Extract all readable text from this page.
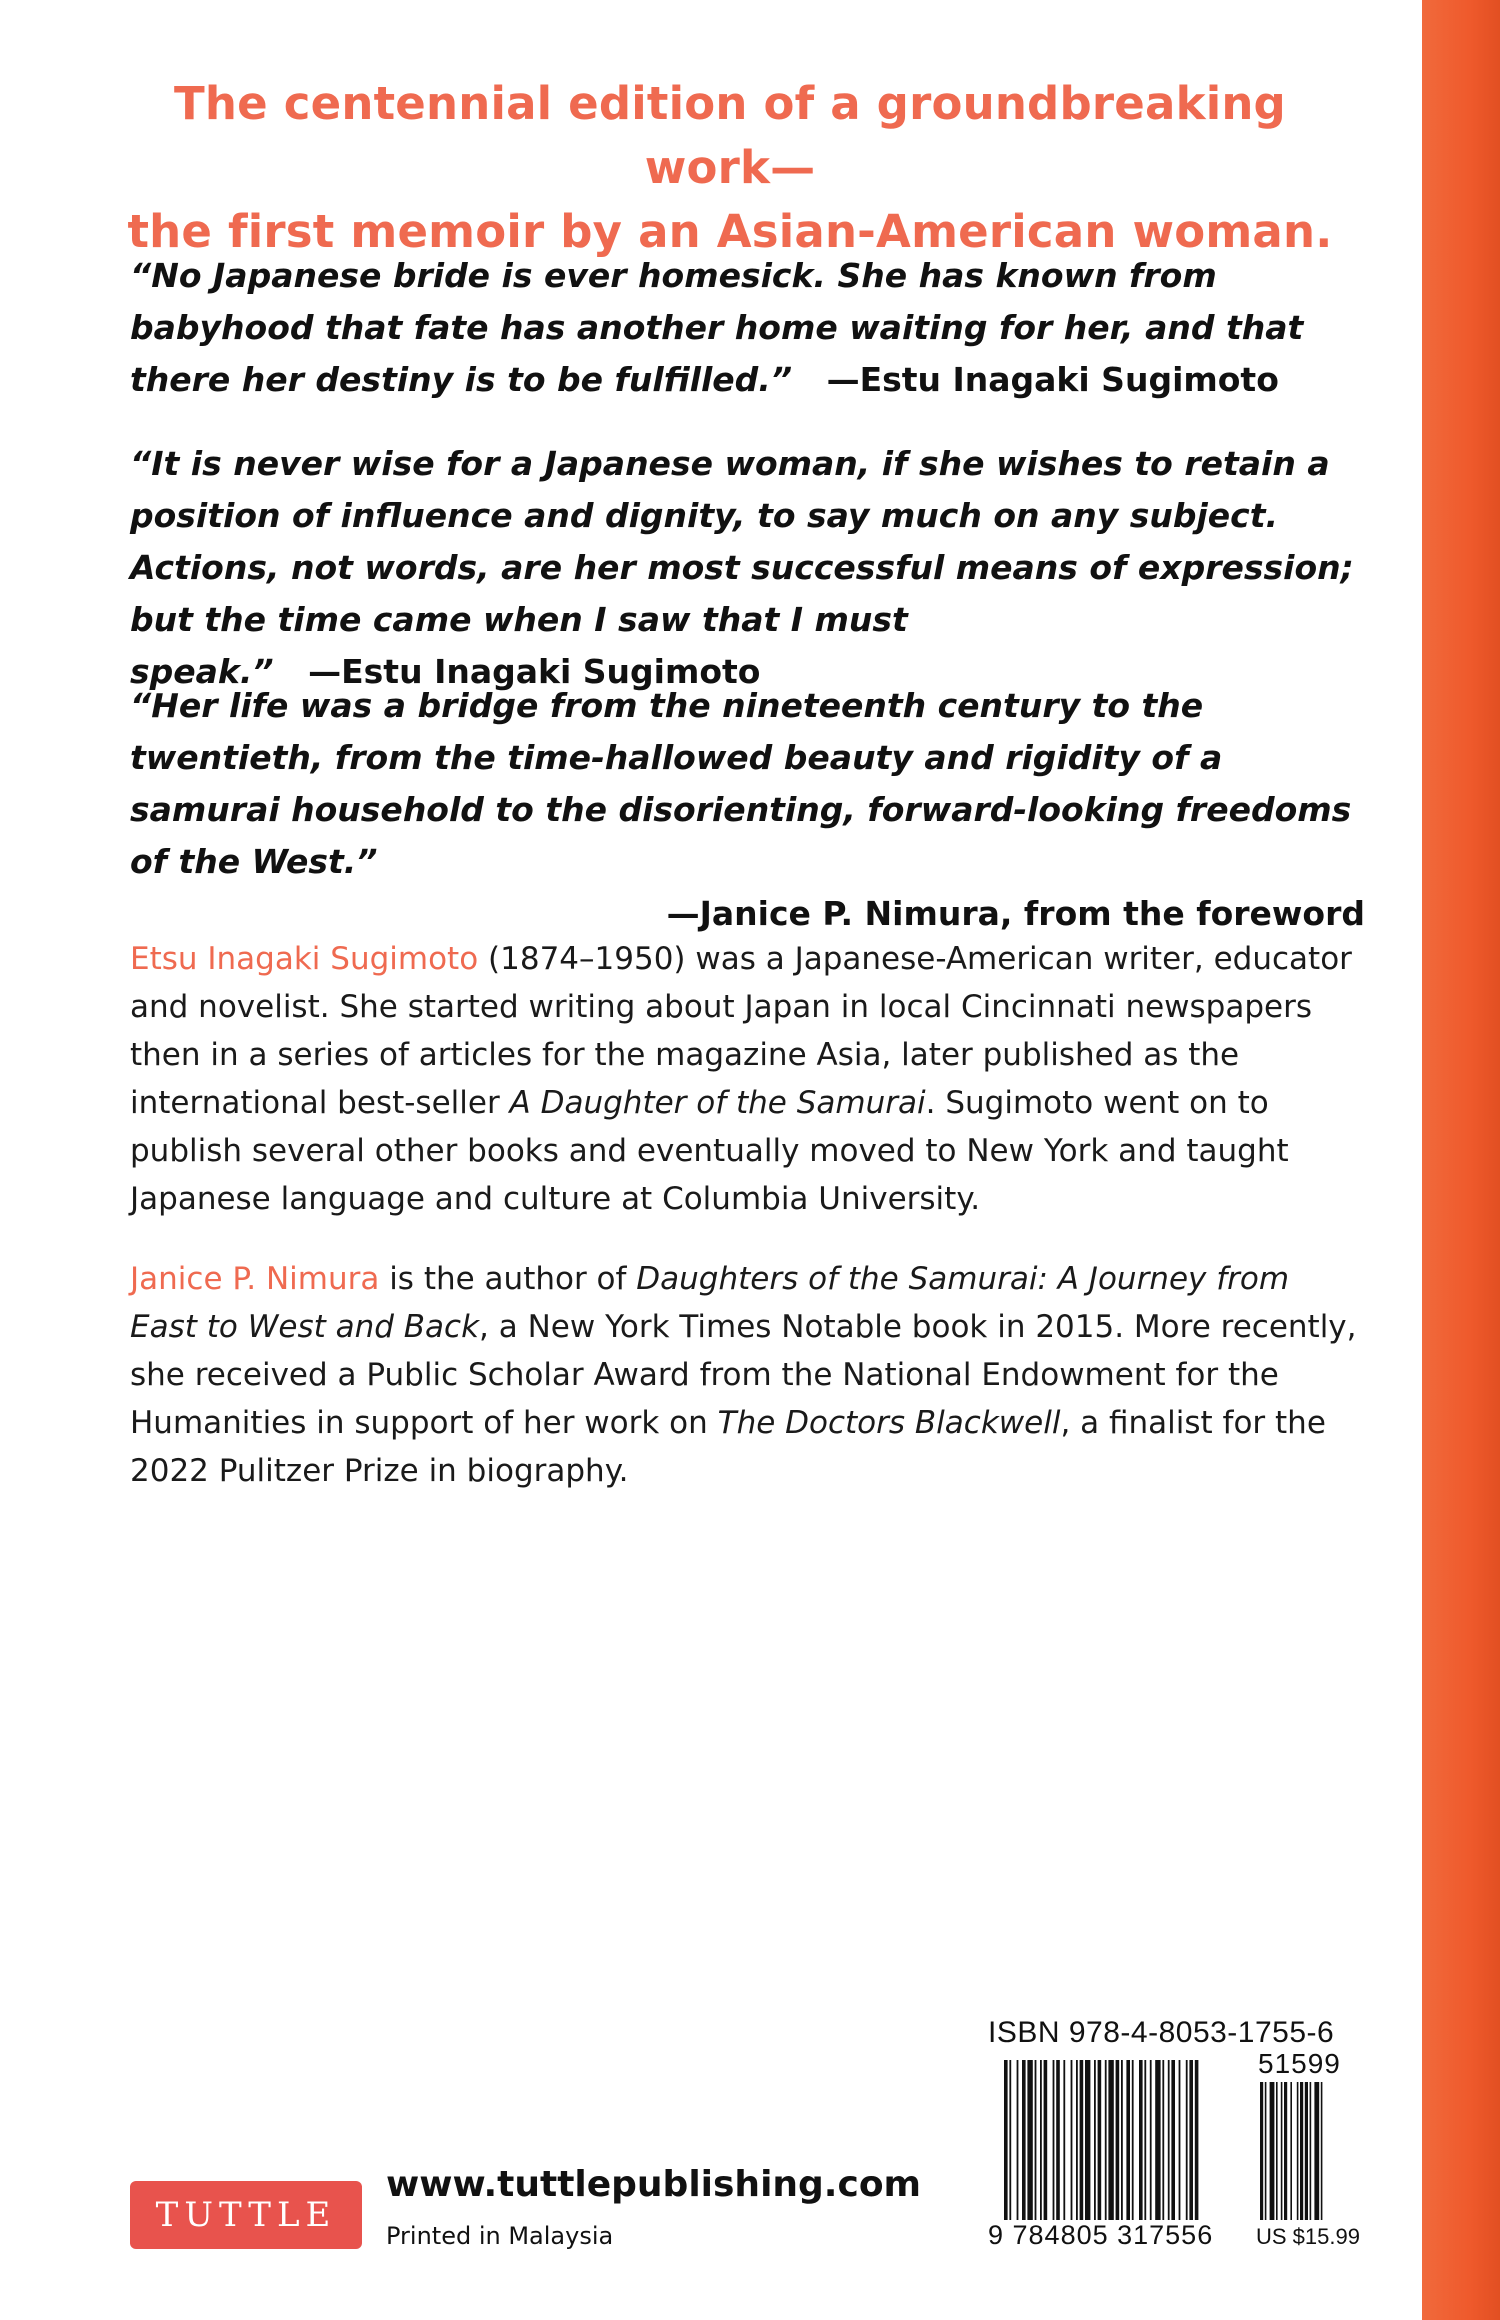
The centennial edition of a groundbreaking work—
the first memoir by an Asian-American woman.
“No Japanese bride is ever homesick. She has known from babyhood that fate has another home waiting for her, and that there her destiny is to be fulfilled.” —Estu Inagaki Sugimoto
“It is never wise for a Japanese woman, if she wishes to retain a position of influence and dignity, to say much on any subject. Actions, not words, are her most successful means of expression; but the time came when I saw that I must speak.” —Estu Inagaki Sugimoto
“Her life was a bridge from the nineteenth century to the twentieth, from the time-hallowed beauty and rigidity of a samurai household to the disorienting, forward-looking freedoms of the West.”
—Janice P. Nimura, from the foreword
Etsu Inagaki Sugimoto (1874–1950) was a Japanese-American writer, educator and novelist. She started writing about Japan in local Cincinnati newspapers then in a series of articles for the magazine Asia, later published as the international best-seller A Daughter of the Samurai. Sugimoto went on to publish several other books and eventually moved to New York and taught Japanese language and culture at Columbia University.
Janice P. Nimura is the author of Daughters of the Samurai: A Journey from East to West and Back, a New York Times Notable book in 2015. More recently, she received a Public Scholar Award from the National Endowment for the Humanities in support of her work on The Doctors Blackwell, a finalist for the 2022 Pulitzer Prize in biography.
ISBN 978-4-8053-1755-6
51599
9 784805 317556 US $15.99
TUTTLE
www.tuttlepublishing.com
Printed in Malaysia
